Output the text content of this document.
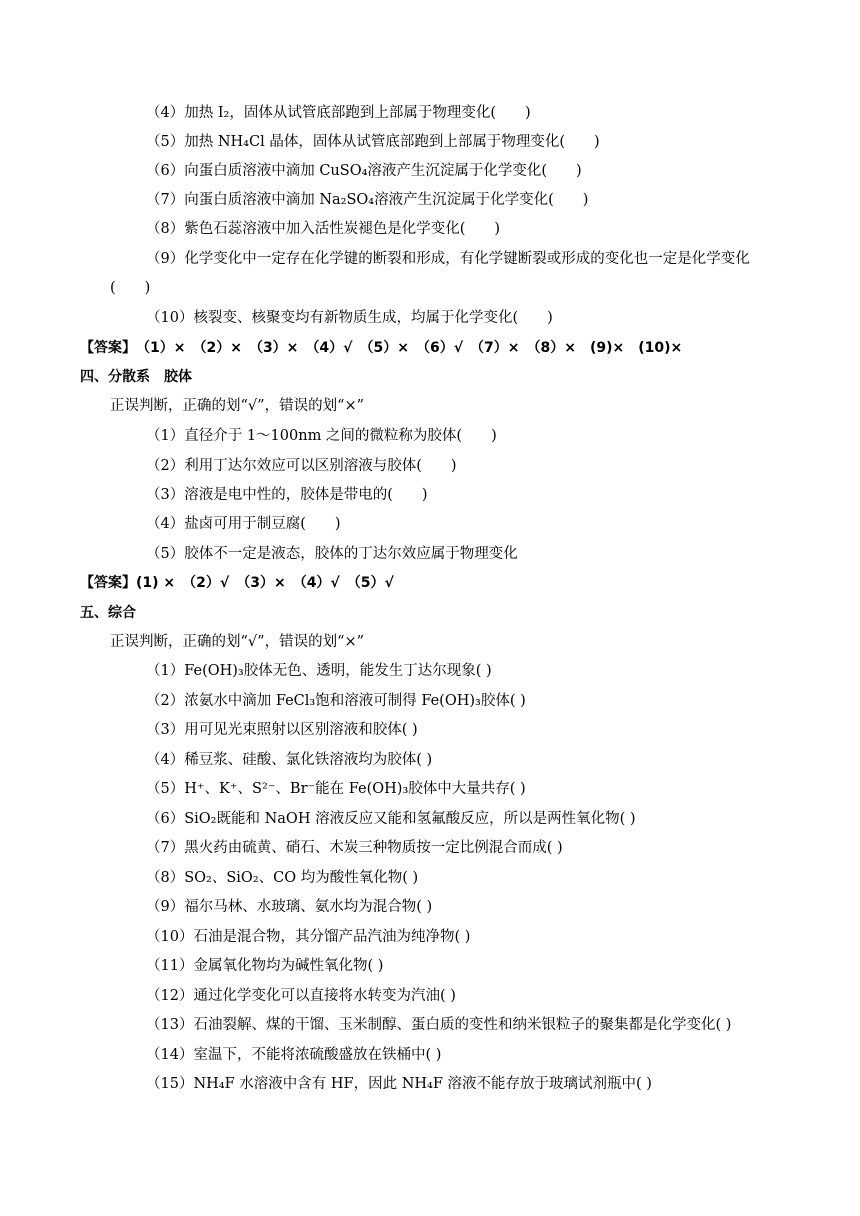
（4）加热 I₂，固体从试管底部跑到上部属于物理变化(　　)
（5）加热 NH₄Cl 晶体，固体从试管底部跑到上部属于物理变化(　　)
（6）向蛋白质溶液中滴加 CuSO₄溶液产生沉淀属于化学变化(　　)
（7）向蛋白质溶液中滴加 Na₂SO₄溶液产生沉淀属于化学变化(　　)
（8）紫色石蕊溶液中加入活性炭褪色是化学变化(　　)
（9）化学变化中一定存在化学键的断裂和形成，有化学键断裂或形成的变化也一定是化学变化
(　　)
（10）核裂变、核聚变均有新物质生成，均属于化学变化(　　)
【答案】　（1）×　（2）×　（3）×　（4）√　（5）×　（6）√　（7）×　（8）×　(9)×　(10)×
四、分散系　胶体
正误判断，正确的划“√”，错误的划“×”
（1）直径介于 1～100nm 之间的微粒称为胶体(　　)
（2）利用丁达尔效应可以区别溶液与胶体(　　)
（3）溶液是电中性的，胶体是带电的(　　)
（4）盐卤可用于制豆腐(　　)
（5）胶体不一定是液态，胶体的丁达尔效应属于物理变化
【答案】(1) ×　（2）√　（3）×　（4）√　（5）√
五、综合
正误判断，正确的划“√”，错误的划“×”
（1）Fe(OH)₃胶体无色、透明，能发生丁达尔现象( )
（2）浓氨水中滴加 FeCl₃饱和溶液可制得 Fe(OH)₃胶体( )
（3）用可见光束照射以区别溶液和胶体( )
（4）稀豆浆、硅酸、氯化铁溶液均为胶体( )
（5）H⁺、K⁺、S²⁻、Br⁻能在 Fe(OH)₃胶体中大量共存( )
（6）SiO₂既能和 NaOH 溶液反应又能和氢氟酸反应，所以是两性氧化物( )
（7）黑火药由硫黄、硝石、木炭三种物质按一定比例混合而成( )
（8）SO₂、SiO₂、CO 均为酸性氧化物( )
（9）福尔马林、水玻璃、氨水均为混合物( )
（10）石油是混合物，其分馏产品汽油为纯净物( )
（11）金属氧化物均为碱性氧化物( )
（12）通过化学变化可以直接将水转变为汽油( )
（13）石油裂解、煤的干馏、玉米制醇、蛋白质的变性和纳米银粒子的聚集都是化学变化( )
（14）室温下，不能将浓硫酸盛放在铁桶中( )
（15）NH₄F 水溶液中含有 HF，因此 NH₄F 溶液不能存放于玻璃试剂瓶中( )
